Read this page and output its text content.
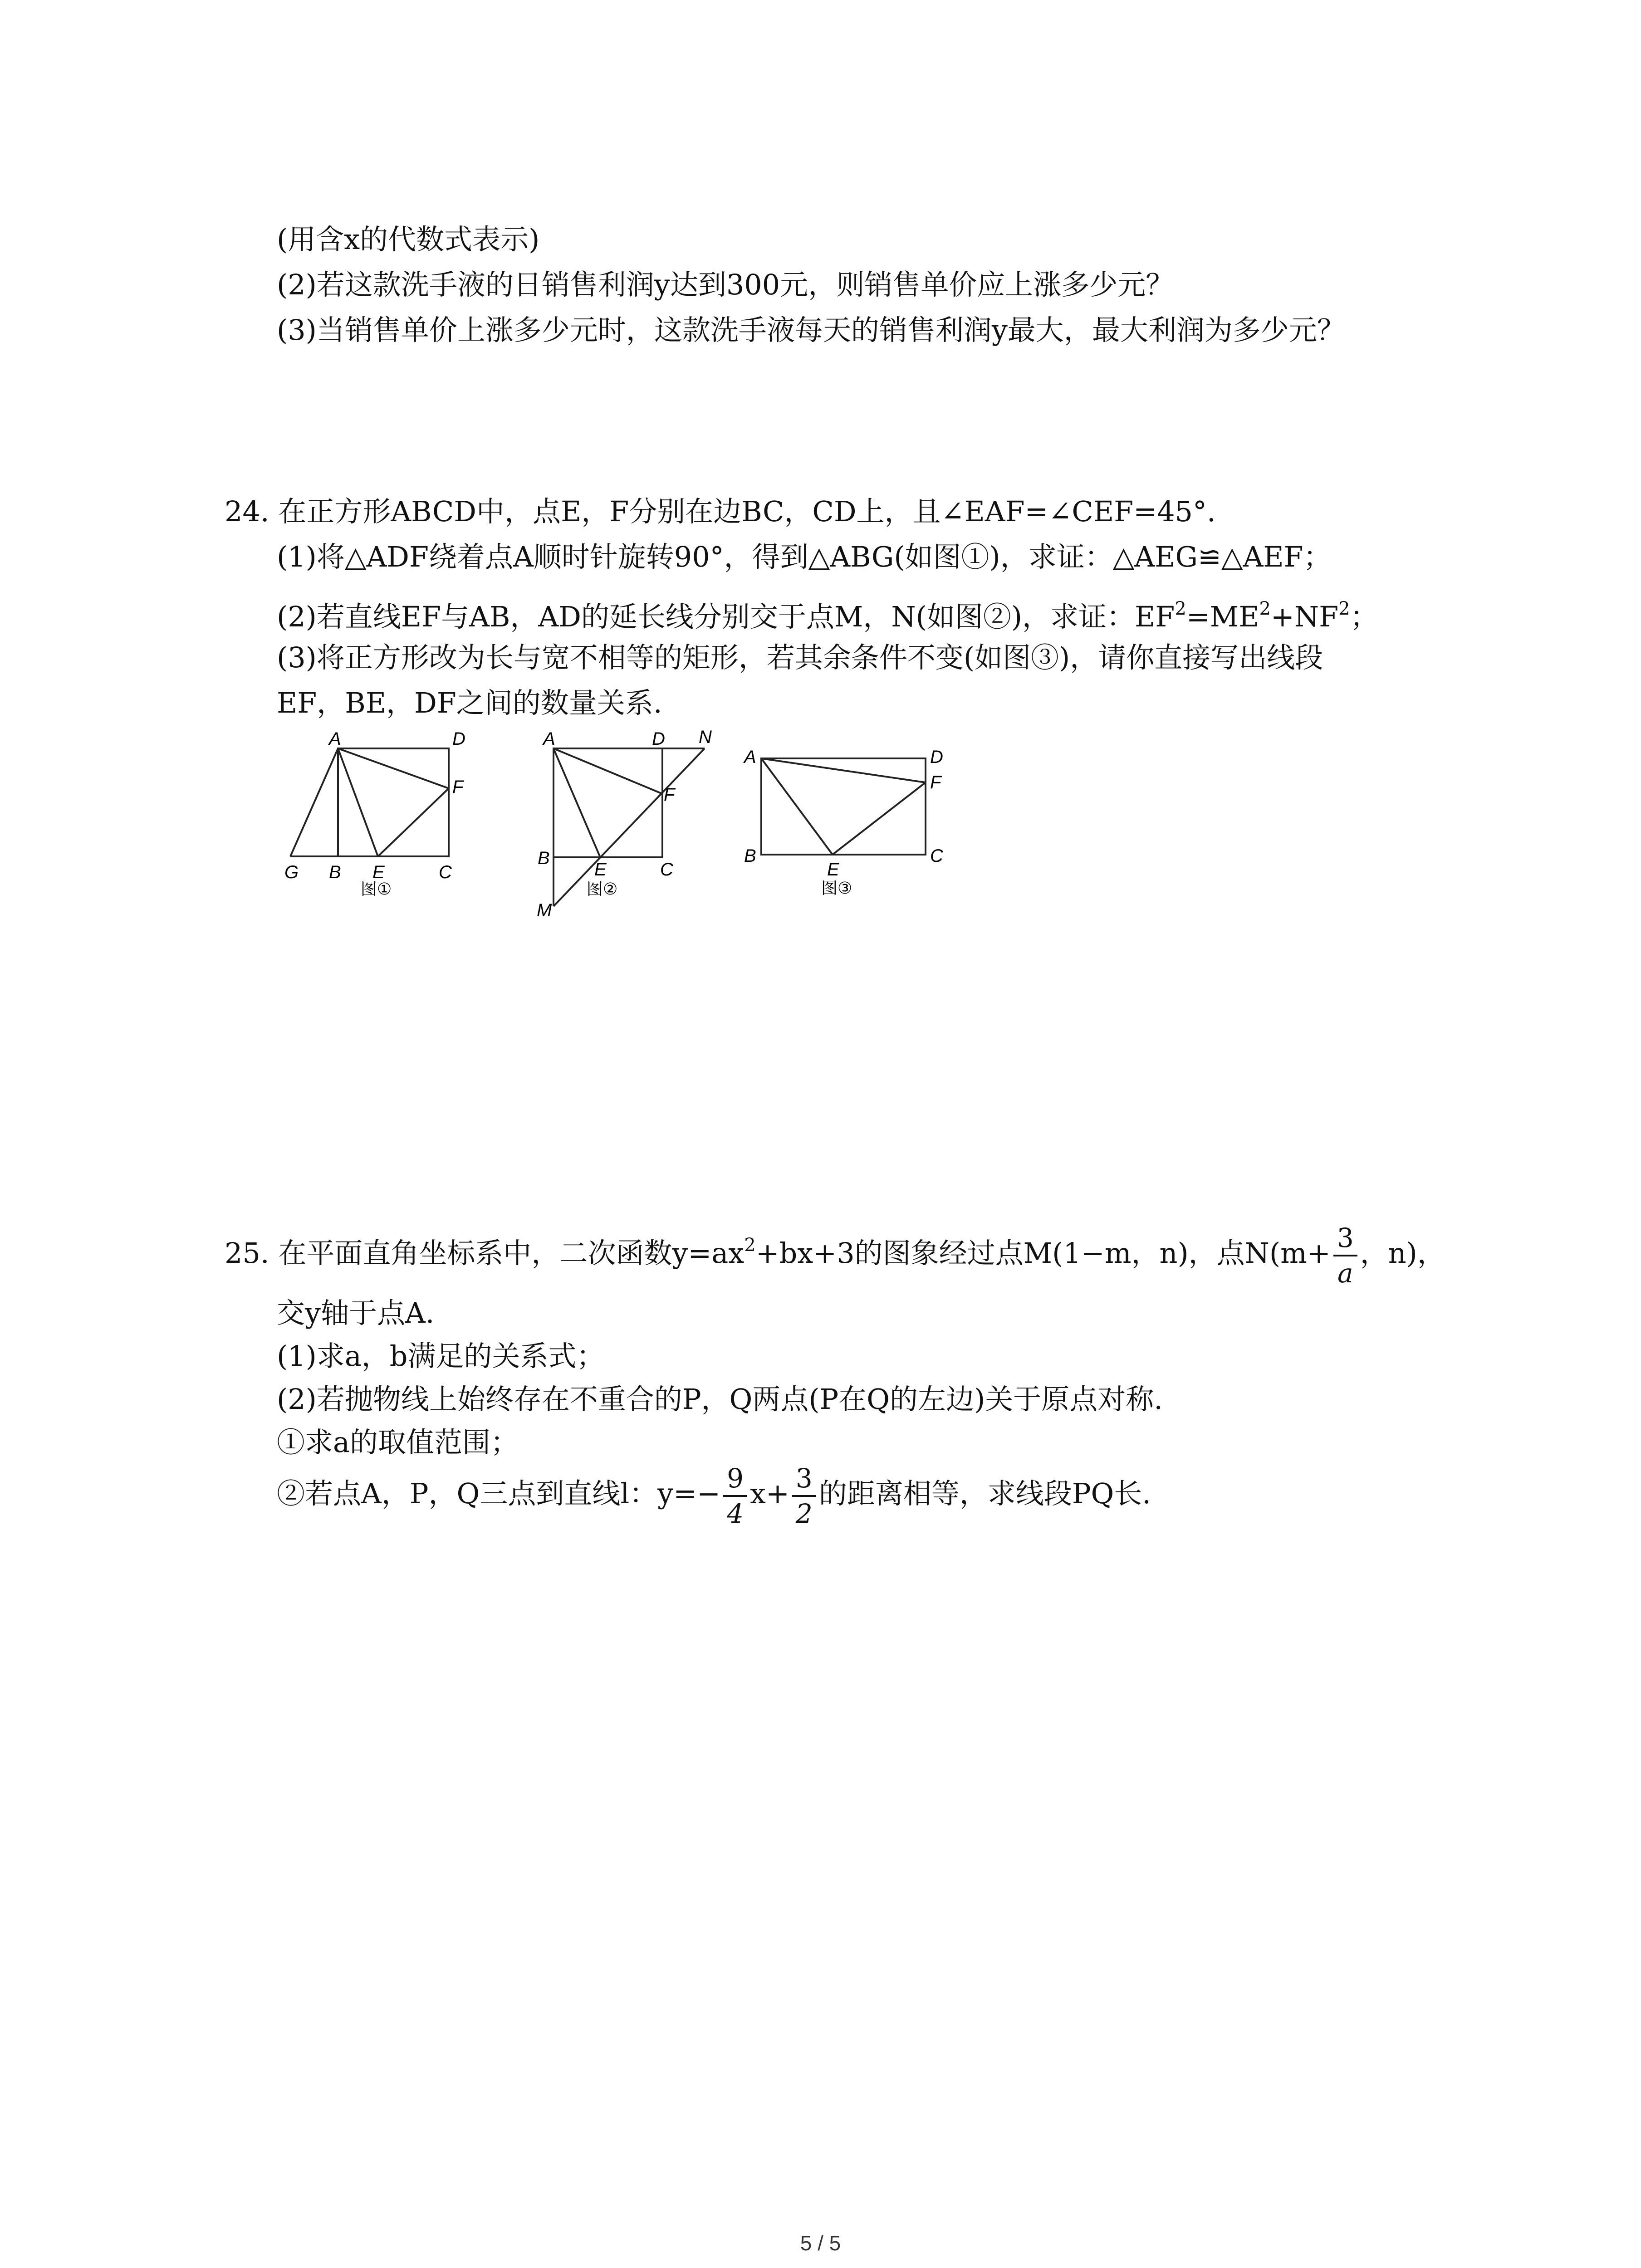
(用含x的代数式表示)
(2)若这款洗手液的日销售利润y达到300元，则销售单价应上涨多少元？
(3)当销售单价上涨多少元时，这款洗手液每天的销售利润y最大，最大利润为多少元？
24. 在正方形ABCD中，点E，F分别在边BC，CD上，且∠EAF=∠CEF=45°.
(1)将△ADF绕着点A顺时针旋转90°，得到△ABG(如图①)，求证：△AEG≌△AEF；
(2)若直线EF与AB，AD的延长线分别交于点M，N(如图②)，求证：$EF^2=ME^2+NF^2$；
(3)将正方形改为长与宽不相等的矩形，若其余条件不变(如图③)，请你直接写出线段
EF，BE，DF之间的数量关系.
A	D
F
G B E	C
图①
A	D N
F
B
E	C
M
图②
A	D
F
B
E
C
图③
25. 在平面直角坐标系中，二次函数$y=ax^2+bx+3$的图象经过点M(1−m，n)，点$N(m+ \frac{3}{a}$ ，n)，
交y轴于点A.
(1)求a，b满足的关系式；
(2)若抛物线上始终存在不重合的P，Q两点(P在Q的左边)关于原点对称.
①求a的取值范围；
②若点A，P，Q三点到直线l：$y=- \frac{9}{4} x+ \frac{3}{2}$ 的距离相等，求线段PQ长.
5 / 5
